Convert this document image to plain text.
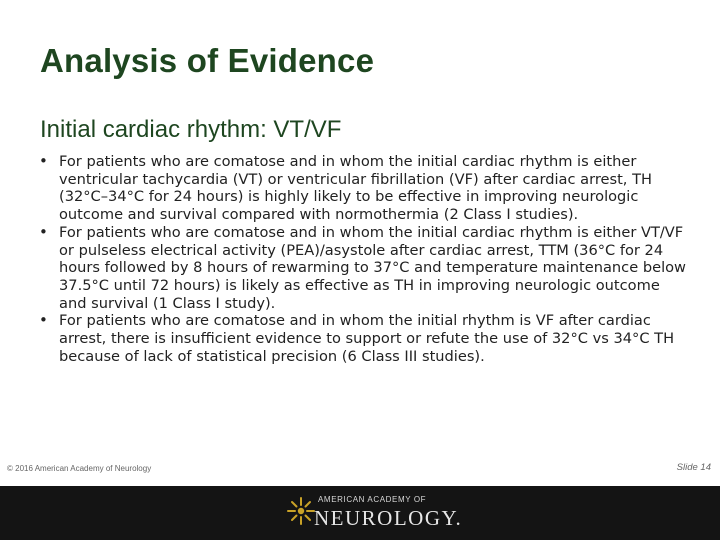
Analysis of Evidence
Initial cardiac rhythm: VT/VF
• For patients who are comatose and in whom the initial cardiac rhythm is either ventricular tachycardia (VT) or ventricular fibrillation (VF) after cardiac arrest, TH (32°C–34°C for 24 hours) is highly likely to be effective in improving neurologic outcome and survival compared with normothermia (2 Class I studies).
• For patients who are comatose and in whom the initial cardiac rhythm is either VT/VF or pulseless electrical activity (PEA)/asystole after cardiac arrest, TTM (36°C for 24 hours followed by 8 hours of rewarming to 37°C and temperature maintenance below 37.5°C until 72 hours) is likely as effective as TH in improving neurologic outcome and survival (1 Class I study).
• For patients who are comatose and in whom the initial rhythm is VF after cardiac arrest, there is insufficient evidence to support or refute the use of 32°C vs 34°C TH because of lack of statistical precision (6 Class III studies).
© 2016 American Academy of Neurology	Slide 14
AMERICAN ACADEMY OF
NEUROLOGY.
